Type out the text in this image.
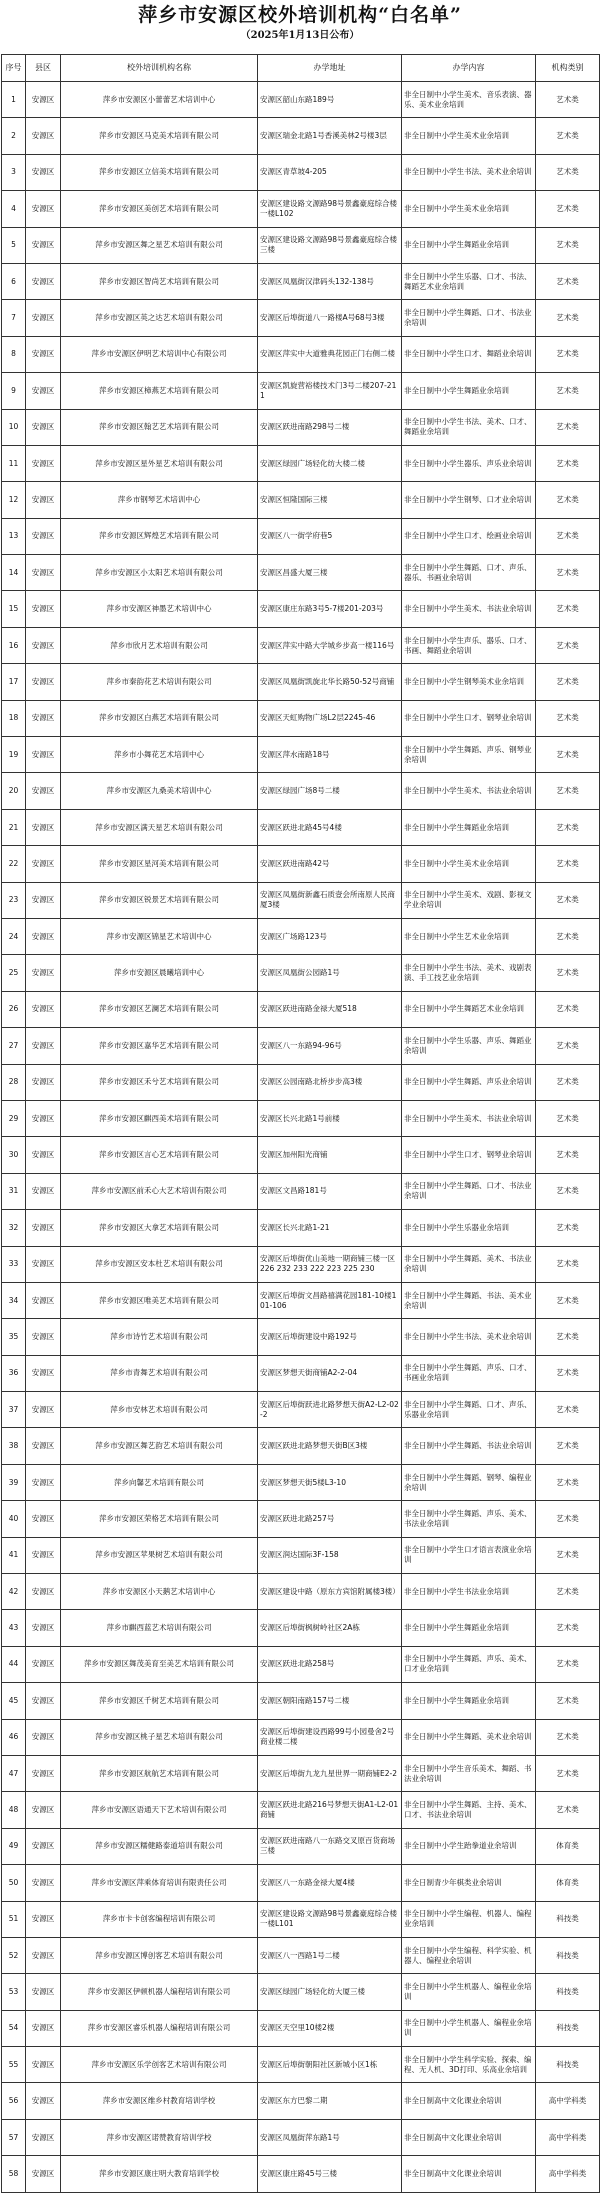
萍乡市安源区校外培训机构“白名单”
（2025年1月13日公布）
序号	县区	校外培训机构名称	办学地址	办学内容	机构类别
1	安源区	萍乡市安源区小蕾蕾艺术培训中心	安源区韶山东路189号	非全日制中小学生美术、音乐表演、器乐、美术业余培训	艺术类
2	安源区	萍乡市安源区马克美术培训有限公司	安源区瑞金北路1号香溪美林2号楼3层	非全日制中小学生美术业余培训	艺术类
3	安源区	萍乡市安源区立信美术培训有限公司	安源区青草坡4-205	非全日制中小学生书法、美术业余培训	艺术类
4	安源区	萍乡市安源区美创艺术培训有限公司	安源区建设路文源路98号景鑫豪庭综合楼一楼L102	非全日制中小学生美术业余培训	艺术类
5	安源区	萍乡市安源区舞之星艺术培训有限公司	安源区建设路文源路98号景鑫豪庭综合楼三楼	非全日制中小学生舞蹈业余培训	艺术类
6	安源区	萍乡市安源区智尚艺术培训有限公司	安源区凤凰街汉津码头132-138号	非全日制中小学生乐器、口才、书法、舞蹈艺术业余培训	艺术类
7	安源区	萍乡市安源区英之达艺术培训有限公司	安源区后埠街道八一路楼A号68号3楼	非全日制中小学生舞蹈、口才、书法业余培训	艺术类
8	安源区	萍乡市安源区伊明艺术培训中心有限公司	安源区萍实中大道雅典花园正门右侧二楼	非全日制中小学生口才、舞蹈业余培训	艺术类
9	安源区	萍乡市安源区樟燕艺术培训有限公司	安源区凯旋营裕楼技术门3号二楼207-211	非全日制中小学生舞蹈业余培训	艺术类
10	安源区	萍乡市安源区翰艺艺术培训有限公司	安源区跃进南路298号二楼	非全日制中小学生书法、美术、口才、舞蹈业余培训	艺术类
11	安源区	萍乡市安源区星外星艺术培训有限公司	安源区绿园广场轻化纺大楼二楼	非全日制中小学生器乐、声乐业余培训	艺术类
12	安源区	萍乡市钢琴艺术培训中心	安源区恒隆国际三楼	非全日制中小学生钢琴、口才业余培训	艺术类
13	安源区	萍乡市安源区辉煌艺术培训有限公司	安源区八一街学府巷5	非全日制中小学生口才、绘画业余培训	艺术类
14	安源区	萍乡市安源区小太阳艺术培训有限公司	安源区昌盛大厦三楼	非全日制中小学生舞蹈、口才、声乐、器乐、书画业余培训	艺术类
15	安源区	萍乡市安源区神墨艺术培训中心	安源区康庄东路3号5-7楼201-203号	非全日制中小学生美术、书法业余培训	艺术类
16	安源区	萍乡市欣月艺术培训有限公司	安源区萍实中路大学城乡步高一楼116号	非全日制中小学生声乐、器乐、口才、书画、舞蹈业余培训	艺术类
17	安源区	萍乡市秦韵花艺术培训有限公司	安源区凤凰街凯旋北华长路50-52号商铺	非全日制中小学生钢琴美术业余培训	艺术类
18	安源区	萍乡市安源区白燕艺术培训有限公司	安源区天虹购物广场L2层2245-46	非全日制中小学生口才、钢琴业余培训	艺术类
19	安源区	萍乡市小舞花艺术培训中心	安源区萍水南路18号	非全日制中小学生舞蹈、声乐、钢琴业余培训	艺术类
20	安源区	萍乡市安源区九桑美术培训中心	安源区绿园广场8号二楼	非全日制中小学生美术、书法业余培训	艺术类
21	安源区	萍乡市安源区满天星艺术培训有限公司	安源区跃进北路45号4楼	非全日制中小学生舞蹈业余培训	艺术类
22	安源区	萍乡市安源区星河美术培训有限公司	安源区跃进南路42号	非全日制中小学生美术业余培训	艺术类
23	安源区	萍乡市安源区锐景艺术培训有限公司	安源区凤凰街新鑫石质壹会所南原人民商厦3楼	非全日制中小学生美术、戏剧、影视文学业余培训	艺术类
24	安源区	萍乡市安源区锦星艺术培训中心	安源区广场路123号	非全日制中小学生艺术业余培训	艺术类
25	安源区	萍乡市安源区晨曦培训中心	安源区凤凰街公园路1号	非全日制中小学生书法、美术、戏剧表演、手工技艺业余培训	艺术类
26	安源区	萍乡市安源区艺澜艺术培训有限公司	安源区跃进南路金禄大厦518	非全日制中小学生舞蹈艺术业余培训	艺术类
27	安源区	萍乡市安源区嘉华艺术培训有限公司	安源区八一东路94-96号	非全日制中小学生乐器、声乐、舞蹈业余培训	艺术类
28	安源区	萍乡市安源区禾兮艺术培训有限公司	安源区公园南路北桥步步高3楼	非全日制中小学生舞蹈、声乐业余培训	艺术类
29	安源区	萍乡市安源区麒西美术培训有限公司	安源区长兴北路1号前楼	非全日制中小学生美术、书法业余培训	艺术类
30	安源区	萍乡市安源区言心艺术培训有限公司	安源区加州阳光商铺	非全日制中小学生口才、钢琴业余培训	艺术类
31	安源区	萍乡市安源区前禾心大艺术培训有限公司	安源区文昌路181号	非全日制中小学生舞蹈、口才、书法业余培训	艺术类
32	安源区	萍乡市安源区大拿艺术培训有限公司	安源区长兴北路1-21	非全日制中小学生乐器业余培训	艺术类
33	安源区	萍乡市安源区安本杜艺术培训有限公司	安源区后埠街优山美地一期商铺三楼一区226 232 233 222 223 225 230	非全日制中小学生舞蹈、美术、书法业余培训	艺术类
34	安源区	萍乡市安源区唯美艺术培训有限公司	安源区后埠街文昌路禧满花园181-10楼101-106	非全日制中小学生舞蹈、书法、美术业余培训	艺术类
35	安源区	萍乡市诗竹艺术培训有限公司	安源区后埠街建设中路192号	非全日制中小学生书法、美术业余培训	艺术类
36	安源区	萍乡市青舞艺术培训有限公司	安源区梦想天街商铺A2-2-04	非全日制中小学生舞蹈、声乐、口才、书画业余培训	艺术类
37	安源区	萍乡市安林艺术培训有限公司	安源区后埠街跃进北路梦想天街A2-L2-02-2	非全日制中小学生舞蹈、口才、声乐、乐器业余培训	艺术类
38	安源区	萍乡市安源区舞艺韵艺术培训有限公司	安源区跃进北路梦想天街B区3楼	非全日制中小学生舞蹈、书法业余培训	艺术类
39	安源区	萍乡向馨艺术培训有限公司	安源区梦想天街5楼L3-10	非全日制中小学生舞蹈、钢琴、编程业余培训	艺术类
40	安源区	萍乡市安源区荣格艺术培训有限公司	安源区跃进北路257号	非全日制中小学生舞蹈、声乐、美术、书法业余培训	艺术类
41	安源区	萍乡市安源区苹果树艺术培训有限公司	安源区润达国际3F-158	非全日制中小学生口才语言表演业余培训	艺术类
42	安源区	萍乡市安源区小天鹅艺术培训中心	安源区建设中路（原东方宾馆附属楼3楼）	非全日制中小学生书法业余培训	艺术类
43	安源区	萍乡市麒西蓝艺术培训有限公司	安源区后埠街枫树岭社区2A栋	非全日制中小学生舞蹈业余培训	艺术类
44	安源区	萍乡市安源区舞茂美育至美艺术培训有限公司	安源区跃进北路258号	非全日制中小学生舞蹈、声乐、美术、口才业余培训	艺术类
45	安源区	萍乡市安源区千树艺术培训有限公司	安源区朝阳南路157号二楼	非全日制中小学生舞蹈业余培训	艺术类
46	安源区	萍乡市安源区桃子星艺术培训有限公司	安源区后埠街建设西路99号小园曼舍2号商业楼二楼	非全日制中小学生舞蹈、美术业余培训	艺术类
47	安源区	萍乡市安源区航航艺术培训有限公司	安源区后埠街九龙九星世界一期商铺E2-2	非全日制中小学生音乐美术、舞蹈、书法业余培训	艺术类
48	安源区	萍乡市安源区语通天下艺术培训有限公司	安源区跃进北路216号梦想天街A1-L2-01商铺	非全日制中小学生舞蹈、主持、美术、口才、书法业余培训	艺术类
49	安源区	萍乡市安源区糯健路泰道培训有限公司	安源区跃进南路八一东路交叉原百货商场三楼	非全日制中小学生跆拳道业余培训	体育类
50	安源区	萍乡市安源区萍乘体育培训有限责任公司	安源区八一东路金禄大厦4楼	非全日制青少年棋类业余培训	体育类
51	安源区	萍乡市卡卡创客编程培训有限公司	安源区建设路文源路98号景鑫豪庭综合楼一楼L101	非全日制中小学生编程、机器人、编程业余培训	科技类
52	安源区	萍乡市安源区博创客艺术培训有限公司	安源区八一西路1号二楼	非全日制中小学生编程、科学实验、机器人、编程业余培训	科技类
53	安源区	萍乡市安源区伊顿机器人编程培训有限公司	安源区绿园广场轻化纺大厦三楼	非全日制中小学生机器人、编程业余培训	科技类
54	安源区	萍乡市安源区睿乐机器人编程培训有限公司	安源区天空里10楼2楼	非全日制中小学生机器人、编程业余培训	科技类
55	安源区	萍乡市安源区乐学创客艺术培训有限公司	安源区后埠街朝阳社区新城小区1栋	非全日制中小学生科学实验、探索、编程、无人机、3D打印、乐高业余培训	科技类
56	安源区	萍乡市安源区维乡村教育培训学校	安源区东方巴黎二期	非全日制高中文化课业余培训	高中学科类
57	安源区	萍乡市安源区诺赞教育培训学校	安源区凤凰街萍东路1号	非全日制高中文化课业余培训	高中学科类
58	安源区	萍乡市安源区康庄明大教育培训学校	安源区康庄路45号三楼	非全日制高中文化课业余培训	高中学科类
